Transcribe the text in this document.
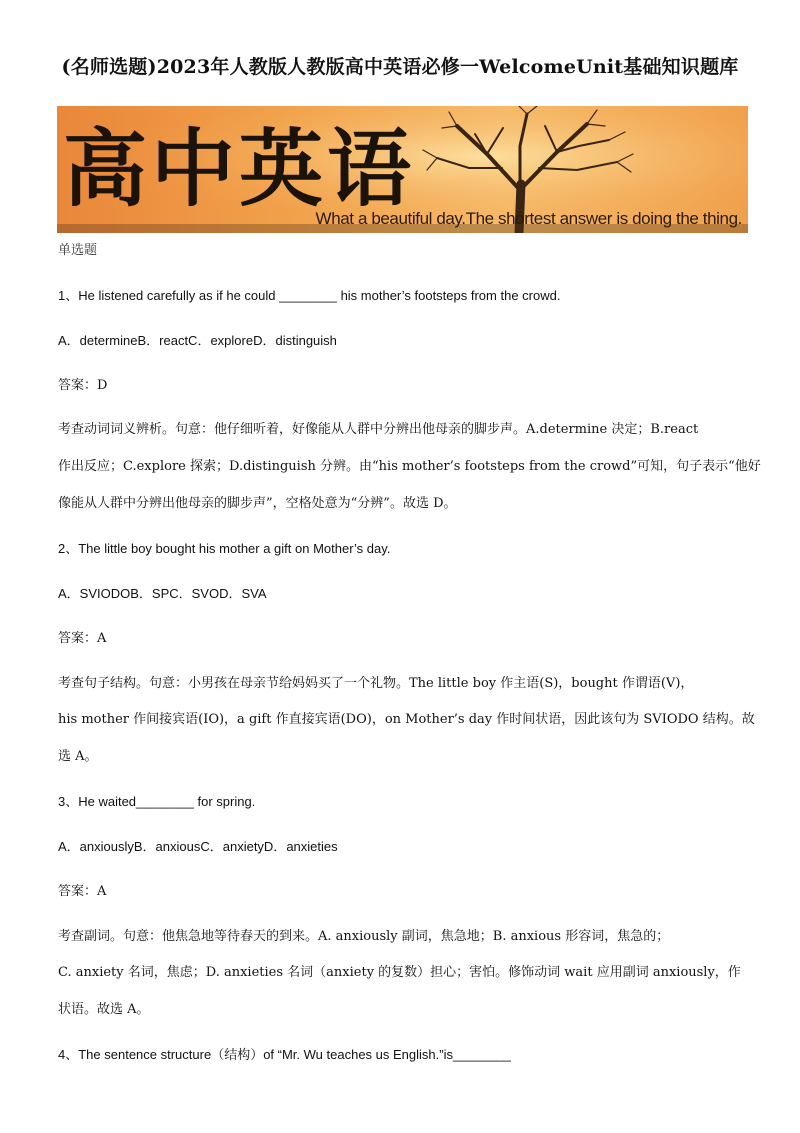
(名师选题)2023年人教版人教版高中英语必修一WelcomeUnit基础知识题库
高中英语
What a beautiful day.The shortest answer is doing the thing.
单选题
1、He listened carefully as if he could ________ his mother’s footsteps from the crowd.
A．determineB．reactC．exploreD．distinguish
答案：D
考查动词词义辨析。句意：他仔细听着，好像能从人群中分辨出他母亲的脚步声。A.determine 决定；B.react
作出反应；C.explore 探索；D.distinguish 分辨。由“his mother’s footsteps from the crowd”可知，句子表示“他好
像能从人群中分辨出他母亲的脚步声”，空格处意为“分辨”。故选 D。
2、The little boy bought his mother a gift on Mother’s day.
A．SVIODOB．SPC．SVOD．SVA
答案：A
考查句子结构。句意：小男孩在母亲节给妈妈买了一个礼物。The little boy 作主语(S)，bought 作谓语(V)，
his mother 作间接宾语(IO)，a gift 作直接宾语(DO)，on Mother’s day 作时间状语，因此该句为 SVIODO 结构。故
选 A。
3、He waited________ for spring.
A．anxiouslyB．anxiousC．anxietyD．anxieties
答案：A
考查副词。句意：他焦急地等待春天的到来。A. anxiously 副词，焦急地；B. anxious 形容词，焦急的；
C. anxiety 名词，焦虑；D. anxieties 名词（anxiety 的复数）担心；害怕。修饰动词 wait 应用副词 anxiously，作
状语。故选 A。
4、The sentence structure（结构）of “Mr. Wu teaches us English.”is________
